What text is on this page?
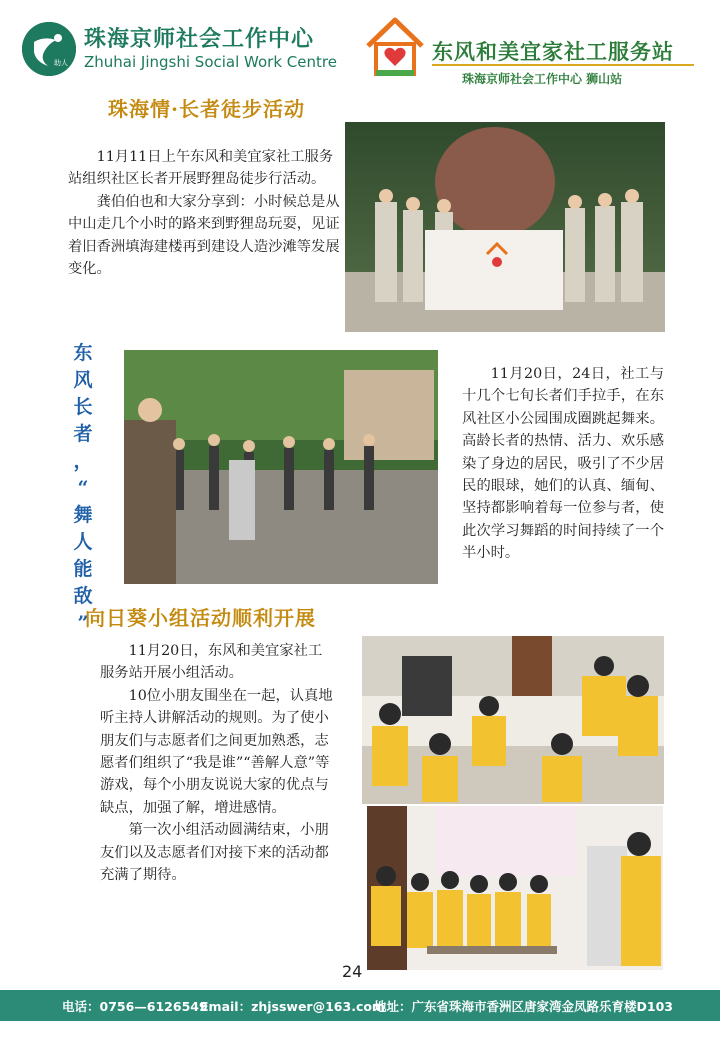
助人
珠海京师社会工作中心
Zhuhai Jingshi Social Work Centre	东风和美宜家社工服务站
珠海京师社会工作中心 狮山站
珠海情·长者徒步活动

11月11日上午东风和美宜家社工服务站组织社区长者开展野狸岛徒步行活动。

龚伯伯也和大家分享到：小时候总是从中山走几个小时的路来到野狸岛玩耍，见证着旧香洲填海建楼再到建设人造沙滩等发展变化。

东
风
长
者
，
“
舞
人
能
敌
”

11月20日，24日，社工与十几个七旬长者们手拉手，在东风社区小公园围成圈跳起舞来。高龄长者的热情、活力、欢乐感染了身边的居民，吸引了不少居民的眼球，她们的认真、缅甸、坚持都影响着每一位参与者，使此次学习舞蹈的时间持续了一个半小时。

向日葵小组活动顺利开展

11月20日，东风和美宜家社工服务站开展小组活动。

10位小朋友围坐在一起，认真地听主持人讲解活动的规则。为了使小朋友们与志愿者们之间更加熟悉，志愿者们组织了“我是谁”“善解人意”等游戏，每个小朋友说说大家的优点与缺点，加强了解，增进感情。

第一次小组活动圆满结束，小朋友们以及志愿者们对接下来的活动都充满了期待。

24
电话：0756—6126549
Email：zhjsswer@163.com
地址：广东省珠海市香洲区唐家湾金凤路乐育楼D103
